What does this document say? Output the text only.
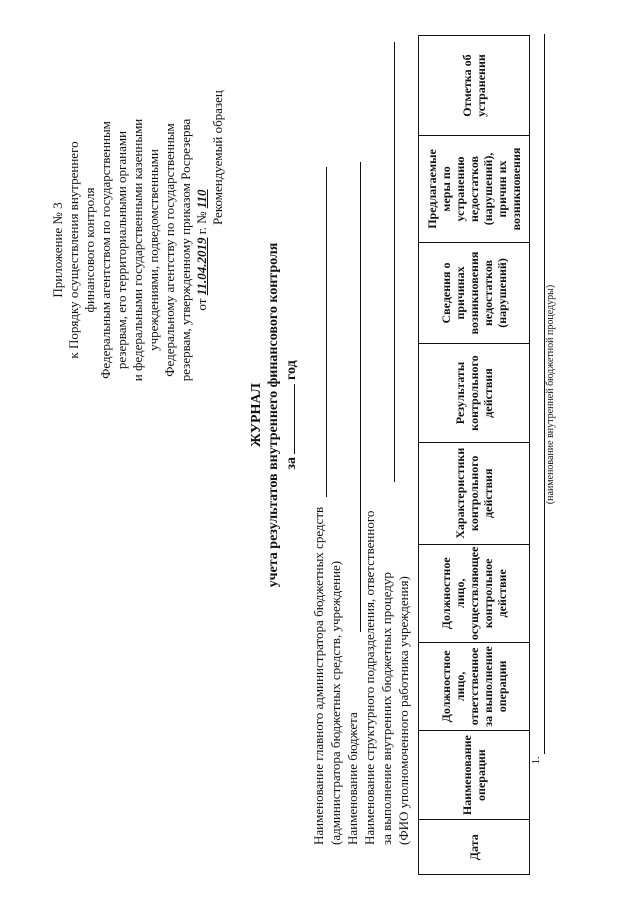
Приложение № 3 к Порядку осуществления внутреннего финансового контроля Федеральным агентством по государственным резервам, его территориальными органами и федеральными государственными казенными учреждениями, подведомственными Федеральному агентству по государственным резервам, утвержденному приказом Росрезерва от 11.04.2019 г. № 110 Рекомендуемый образец
ЖУРНАЛ учета результатов внутреннего финансового контроля за  год
Наименование главного администратора бюджетных средств (администратора бюджетных средств, учреждение) Наименование бюджета Наименование структурного подразделения, ответственного за выполнение внутренних бюджетных процедур (ФИО уполномоченного работника учреждения)
Дата	Наименование операции	Должностное лицо, ответственное за выполнение операции	Должностное лицо, осуществляющее контрольное действие	Характеристики контрольного действия	Результаты контрольного действия	Сведения о причинах возникновения недостатков (нарушений)	Предлагаемые меры по устранению недостатков (нарушений), причин их возникновения	Отметка об устранении

1.
(наименование внутренней бюджетной процедуры)
